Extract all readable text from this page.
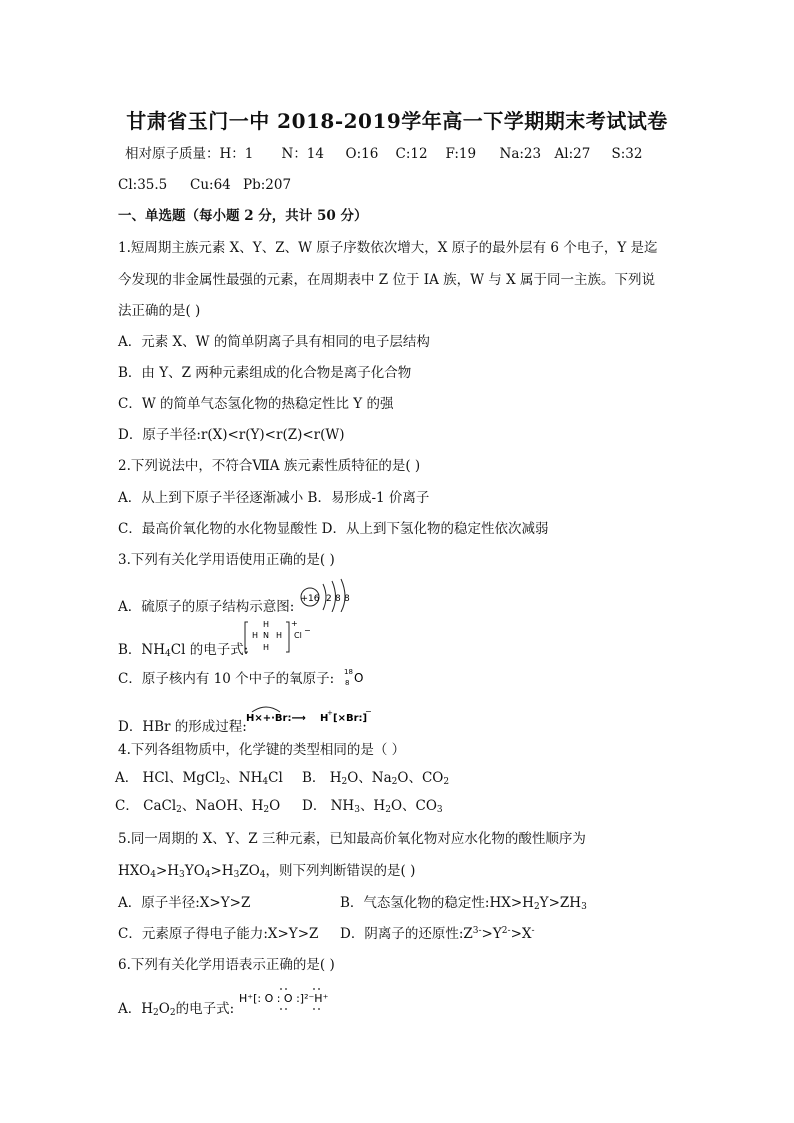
甘肃省玉门一中 2018-2019学年高一下学期期末考试试卷
相对原子质量：H：1 N：14 O:16 C:12 F:19 Na:23 Al:27 S:32
Cl:35.5 Cu:64 Pb:207
一、单选题（每小题 2 分，共计 50 分）
1.短周期主族元素 X、Y、Z、W 原子序数依次增大，X 原子的最外层有 6 个电子，Y 是迄
今发现的非金属性最强的元素，在周期表中 Z 位于 IA 族，W 与 X 属于同一主族。下列说
法正确的是( )
A．元素 X、W 的简单阴离子具有相同的电子层结构
B．由 Y、Z 两种元素组成的化合物是离子化合物
C．W 的简单气态氢化物的热稳定性比 Y 的强
D．原子半径:r(X)<r(Y)<r(Z)<r(W)
2.下列说法中，不符合ⅦA 族元素性质特征的是( )
A．从上到下原子半径逐渐减小 B．易形成-1 价离子
C．最高价氧化物的水化物显酸性 D．从上到下氢化物的稳定性依次减弱
3.下列有关化学用语使用正确的是( )
A．硫原子的原子结构示意图: +16 2 8 8
B．$NH_4Cl$ 的电子式:
H
H N H
H
+
Cl
−
C．原子核内有 10 个中子的氧原子: 18
8 O
D．HBr 的形成过程:
H×+·Br:⟶ H
+ [×Br:]
−
4.下列各组物质中，化学键的类型相同的是（ ）
A． HCl、MgCl$_2$、$NH_4Cl$ B． $H_2O$、$Na_2O$、$CO_2$
C． CaCl$_2$、NaOH、$H_2O$ D． $NH_3$、$H_2O$、$CO_3$
5.同一周期的 X、Y、Z 三种元素，已知最高价氧化物对应水化物的酸性顺序为
$HXO_4>H_3YO_4>H_3ZO_4$，则下列判断错误的是( )
A．原子半径:X>Y>Z	B．气态氢化物的稳定性$:HX>H_2Y>ZH_3$
C．元素原子得电子能力:X>Y>Z D．阴离子的还原性$:Z^{3-}>Y^{2-}>X^-$
6.下列有关化学用语表示正确的是( )
A．$H_2O_2$的电子式:
H⁺[: O : O :]²⁻H⁺
